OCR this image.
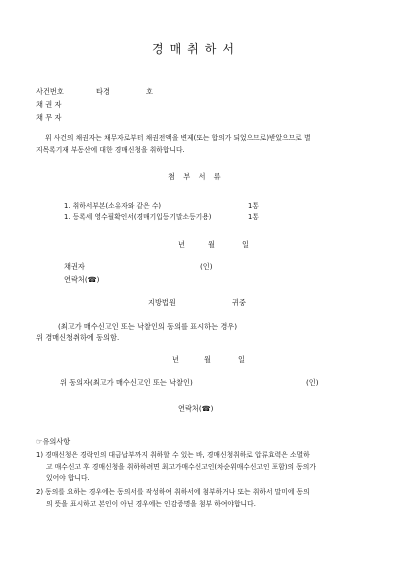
경매취하서
사건번호	타경	호
채 권 자
채 무 자
위 사건의 채권자는 채무자로부터 채권전액을 변제(또는 합의가 되었으므로)받았으므로 별
지목록기재 부동산에 대한 경매신청을 취하합니다.
첨 부 서 류
1. 취하서부본(소유자와 같은 수)	1통
1. 등록세 영수필확인서(경매기입등기말소등기용)	1통
년	월	일
채권자	(인)
연락처(☎)
지방법원	귀중
(최고가 매수신고인 또는 낙찰인의 동의를 표시하는 경우)
위 경매신청취하에 동의함.
년	월	일
위 동의자(최고가 매수신고인 또는 낙찰인)	(인)
연락처(☎)
☞유의사항
1) 경매신청은 경락인의 대금납부까지 취하할 수 있는 바, 경매신청취하로 압류효력은 소멸하
고 매수신고 후 경매신청을 취하하려면 최고가매수신고인(차순위매수신고인 포함)의 동의가
있어야 합니다.
2) 동의를 요하는 경우에는 동의서를 작성하여 취하서에 첨부하거나 또는 취하서 말미에 동의
의 뜻을 표시하고 본인이 아닌 경우에는 인감증명을 첨부 하여야합니다.
